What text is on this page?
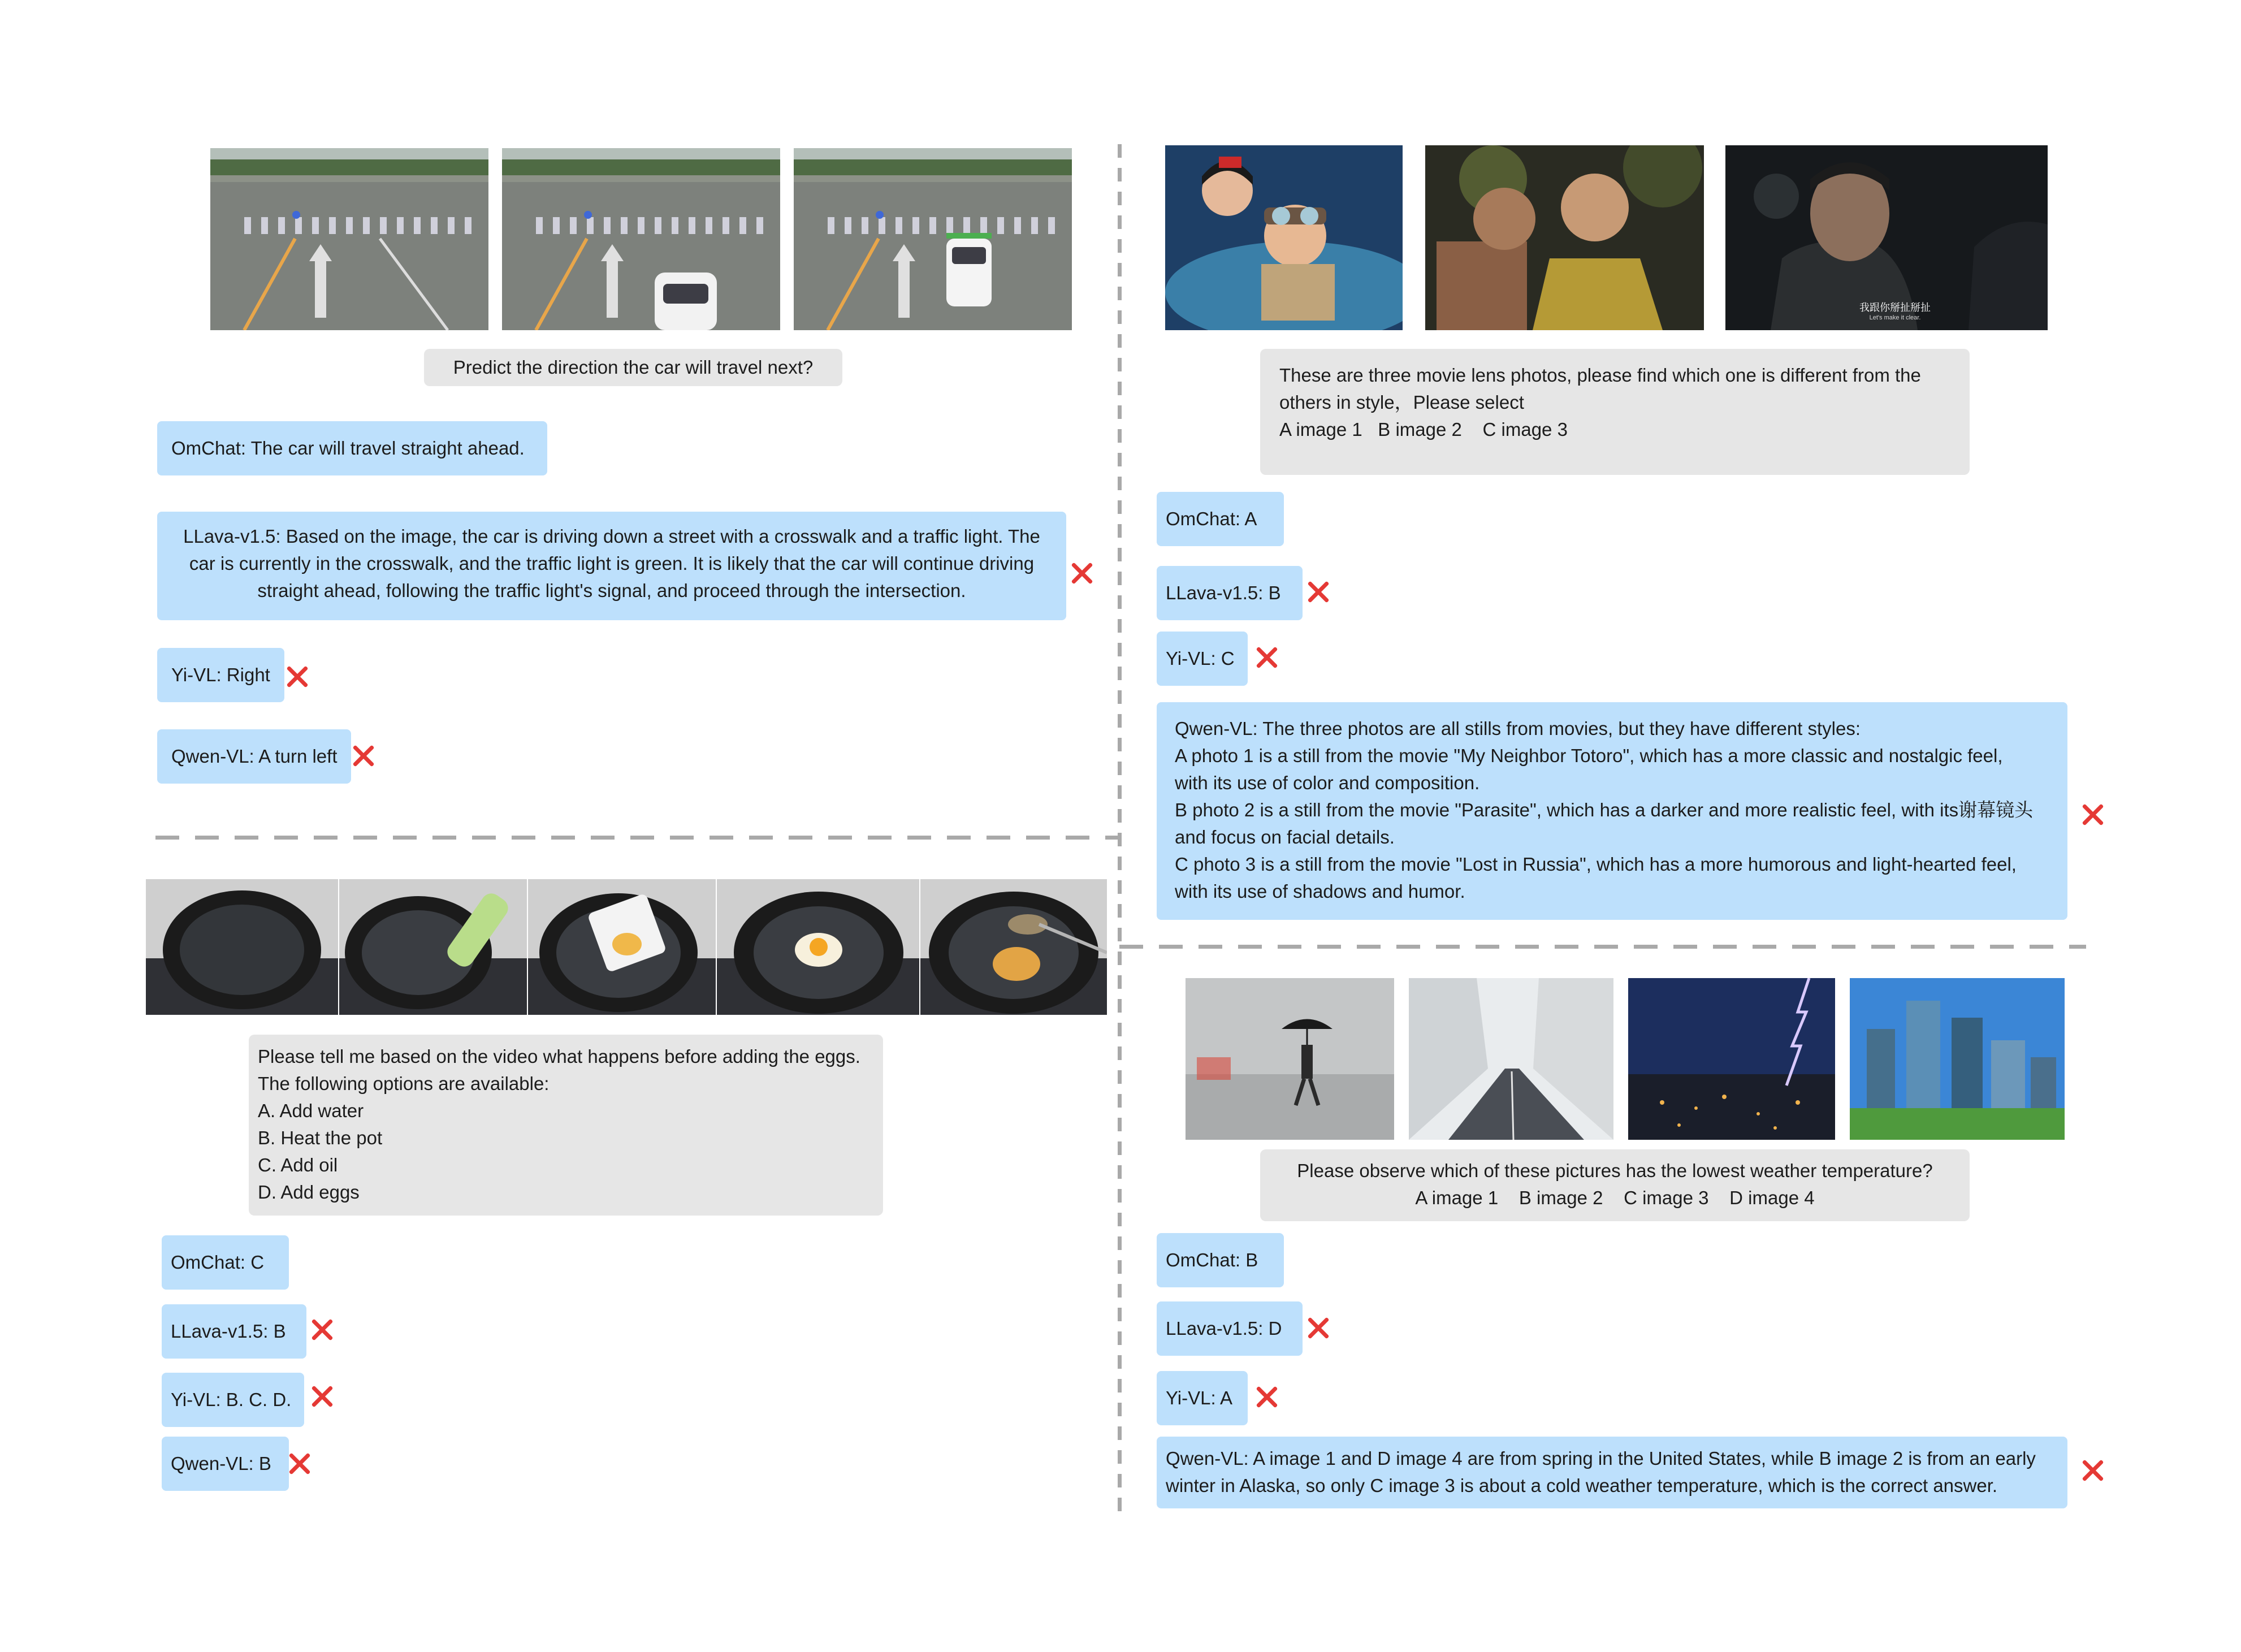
Predict the direction the car will travel next?
OmChat: The car will travel straight ahead.
LLava-v1.5: Based on the image, the car is driving down a street with a crosswalk and a traffic light. The
car is currently in the crosswalk, and the traffic light is green. It is likely that the car will continue driving
straight ahead, following the traffic light's signal, and proceed through the intersection.
Yi-VL: Right
Qwen-VL: A turn left
我跟你掰扯掰扯
Let's make it clear.
These are three movie lens photos, please find which one is different from the
others in style，Please select
A image 1   B image 2    C image 3
OmChat: A
LLava-v1.5: B
Yi-VL: C
Qwen-VL: The three photos are all stills from movies, but they have different styles:
A photo 1 is a still from the movie "My Neighbor Totoro", which has a more classic and nostalgic feel,
with its use of color and composition.
B photo 2 is a still from the movie "Parasite", which has a darker and more realistic feel, with its谢幕镜头
and focus on facial details.
C photo 3 is a still from the movie "Lost in Russia", which has a more humorous and light-hearted feel,
with its use of shadows and humor.
Please tell me based on the video what happens before adding the eggs.
The following options are available:
A. Add water
B. Heat the pot
C. Add oil
D. Add eggs
OmChat: C
LLava-v1.5: B
Yi-VL: B. C. D.
Qwen-VL: B
Please observe which of these pictures has the lowest weather temperature?
A image 1    B image 2    C image 3    D image 4
OmChat: B
LLava-v1.5: D
Yi-VL: A
Qwen-VL: A image 1 and D image 4 are from spring in the United States, while B image 2 is from an early
winter in Alaska, so only C image 3 is about a cold weather temperature, which is the correct answer.
